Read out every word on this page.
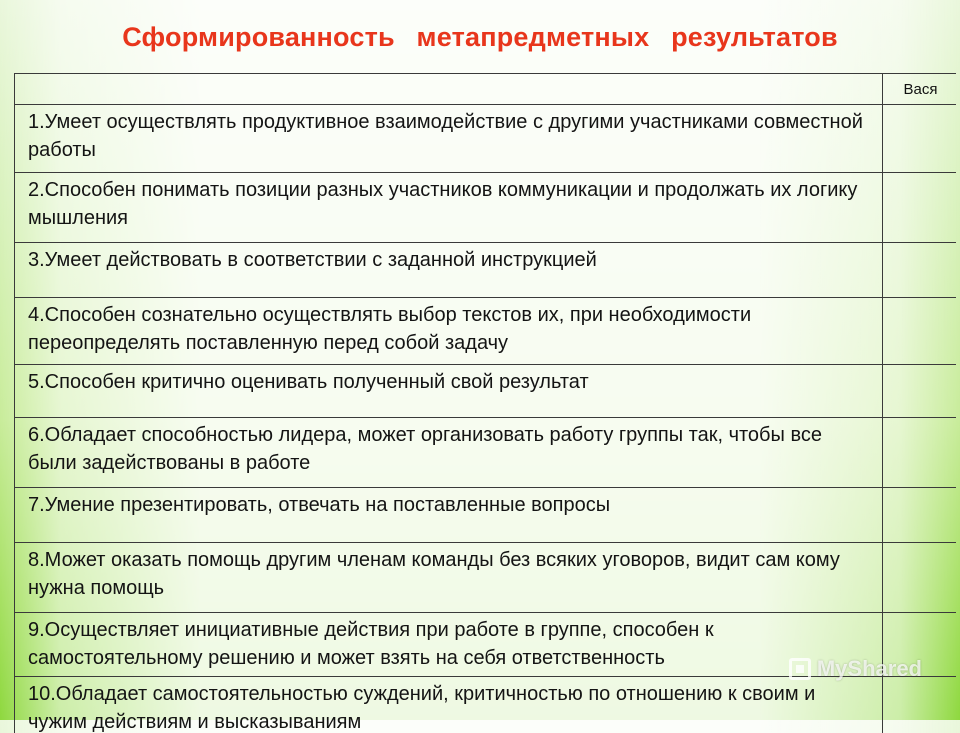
Сформированность метапредметных результатов
	Вася
1.Умеет осуществлять продуктивное взаимодействие с другими участниками совместной работы	
2.Способен понимать позиции разных участников коммуникации и продолжать их логику мышления	
3.Умеет действовать в соответствии с заданной инструкцией	
4.Способен сознательно осуществлять выбор текстов их, при необходимости переопределять поставленную перед собой задачу	
5.Способен критично оценивать полученный свой результат	
6.Обладает способностью лидера, может организовать работу группы так, чтобы все были задействованы в работе	
7.Умение презентировать, отвечать на поставленные вопросы	
8.Может оказать помощь другим членам команды без всяких уговоров, видит сам кому нужна помощь	
9.Осуществляет инициативные действия при работе в группе, способен к самостоятельному решению и может взять на себя ответственность	
10.Обладает самостоятельностью суждений, критичностью по отношению к своим и чужим действиям и высказываниям	
MyShared
